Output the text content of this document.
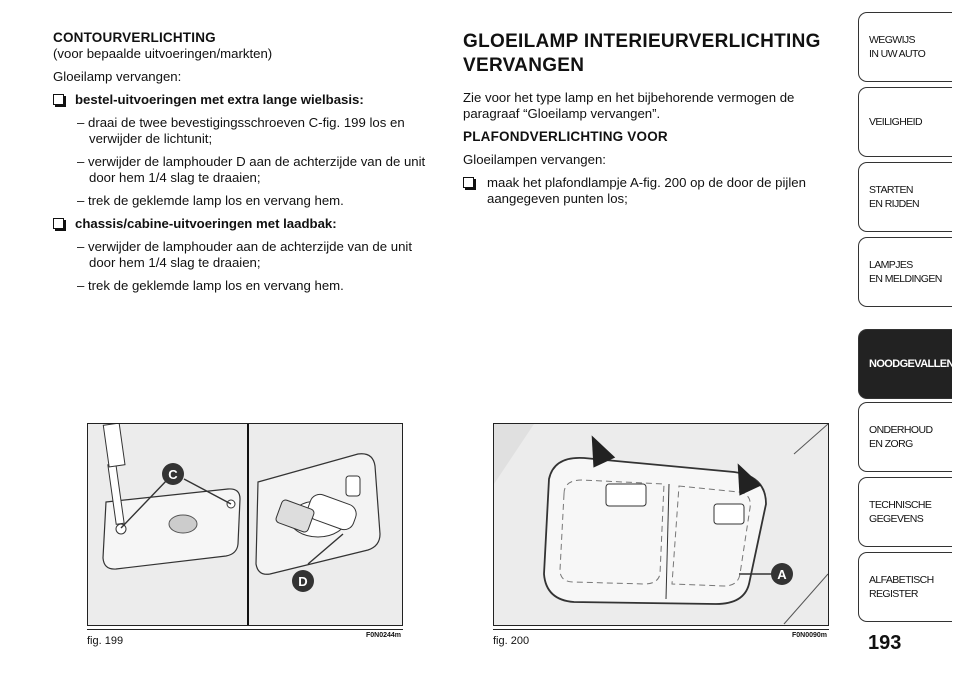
CONTOURVERLICHTING

(voor bepaalde uitvoeringen/markten)

Gloeilamp vervangen:

bestel-uitvoeringen met extra lange wielbasis:

– draai de twee bevestigingsschroeven C-fig. 199 los en verwijder de lichtunit;

– verwijder de lamphouder D aan de achterzijde van de unit door hem 1/4 slag te draaien;

– trek de geklemde lamp los en vervang hem.

chassis/cabine-uitvoeringen met laadbak:

– verwijder de lamphouder aan de achterzijde van de unit door hem 1/4 slag te draaien;

– trek de geklemde lamp los en vervang hem.

GLOEILAMP INTERIEURVERLICHTING
VERVANGEN

Zie voor het type lamp en het bijbehorende vermogen de paragraaf “Gloeilamp vervangen”.

PLAFONDVERLICHTING VOOR

Gloeilampen vervangen:

maak het plafondlampje A-fig. 200 op de door de pijlen aangegeven punten los;
C
D
fig. 199	F0N0244m
A
fig. 200	F0N0090m
WEGWIJS
IN UW AUTO
VEILIGHEID
STARTEN
EN RIJDEN
LAMPJES
EN MELDINGEN
NOODGEVALLEN
ONDERHOUD
EN ZORG
TECHNISCHE
GEGEVENS
ALFABETISCH
REGISTER
193
